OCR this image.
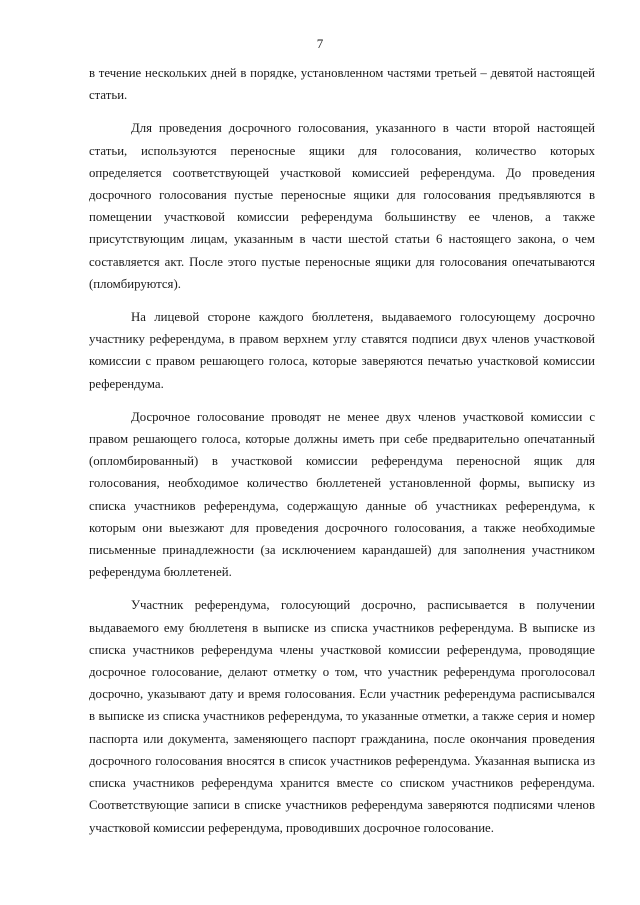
7

в течение нескольких дней в порядке, установленном частями третьей – девятой настоящей статьи.

Для проведения досрочного голосования, указанного в части второй настоящей статьи, используются переносные ящики для голосования, количество которых определяется соответствующей участковой комиссией референдума. До проведения досрочного голосования пустые переносные ящики для голосования предъявляются в помещении участковой комиссии референдума большинству ее членов, а также присутствующим лицам, указанным в части шестой статьи 6 настоящего закона, о чем составляется акт. После этого пустые переносные ящики для голосования опечатываются (пломбируются).

На лицевой стороне каждого бюллетеня, выдаваемого голосующему досрочно участнику референдума, в правом верхнем углу ставятся подписи двух членов участковой комиссии с правом решающего голоса, которые заверяются печатью участковой комиссии референдума.

Досрочное голосование проводят не менее двух членов участковой комиссии с правом решающего голоса, которые должны иметь при себе предварительно опечатанный (опломбированный) в участковой комиссии референдума переносной ящик для голосования, необходимое количество бюллетеней установленной формы, выписку из списка участников референдума, содержащую данные об участниках референдума, к которым они выезжают для проведения досрочного голосования, а также необходимые письменные принадлежности (за исключением карандашей) для заполнения участником референдума бюллетеней.

Участник референдума, голосующий досрочно, расписывается в получении выдаваемого ему бюллетеня в выписке из списка участников референдума. В выписке из списка участников референдума члены участковой комиссии референдума, проводящие досрочное голосование, делают отметку о том, что участник референдума проголосовал досрочно, указывают дату и время голосования. Если участник референдума расписывался в выписке из списка участников референдума, то указанные отметки, а также серия и номер паспорта или документа, заменяющего паспорт гражданина, после окончания проведения досрочного голосования вносятся в список участников референдума. Указанная выписка из списка участников референдума хранится вместе со списком участников референдума. Соответствующие записи в списке участников референдума заверяются подписями членов участковой комиссии референдума, проводивших досрочное голосование.
